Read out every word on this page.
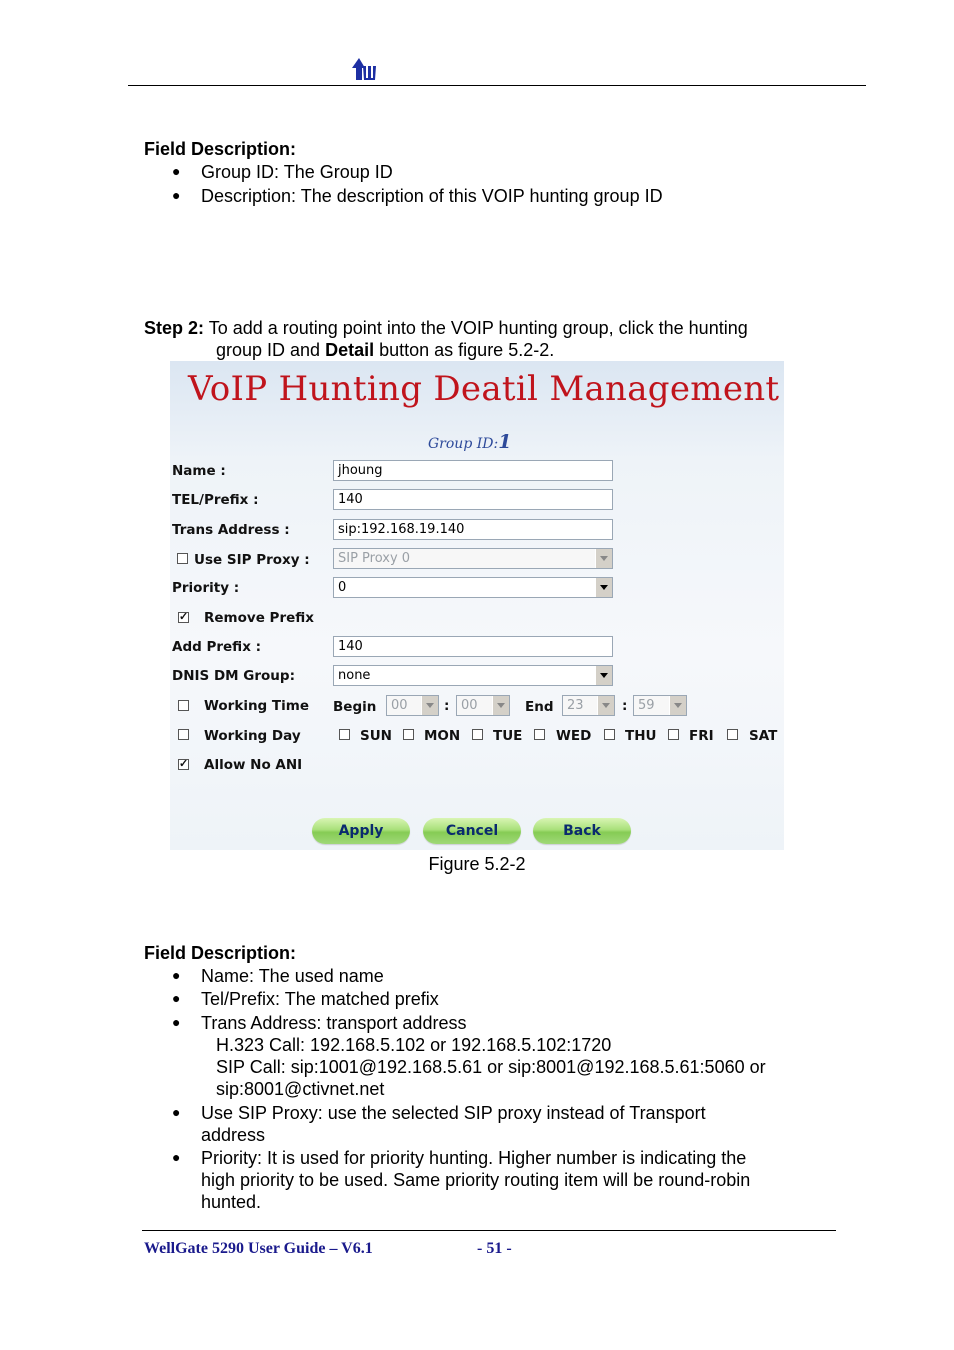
Field Description:
● Group ID: The Group ID
● Description: The description of this VOIP hunting group ID
Step 2: To add a routing point into the VOIP hunting group, click the hunting
group ID and Detail button as figure 5.2-2.
VoIP Hunting Deatil Management
Group ID:1
Name :	jhoung
TEL/Prefix :	140
Trans Address :	sip:192.168.19.140
Use SIP Proxy :	SIP Proxy 0
Priority :	0
✓ Remove Prefix
Add Prefix :	140
DNIS DM Group:	none
Working Time Begin	00	: 00	End	23	: 59
Working Day	SUN MON TUE WED THU FRI	SAT
✓ Allow No ANI
Apply	Cancel	Back
Figure 5.2-2
Field Description:
● Name: The used name
● Tel/Prefix: The matched prefix
● Trans Address: transport address
H.323 Call: 192.168.5.102 or 192.168.5.102:1720
SIP Call: sip:1001@192.168.5.61 or sip:8001@192.168.5.61:5060 or
sip:8001@ctivnet.net
● Use SIP Proxy: use the selected SIP proxy instead of Transport
address
● Priority: It is used for priority hunting. Higher number is indicating the
high priority to be used. Same priority routing item will be round-robin
hunted.
WellGate 5290 User Guide – V6.1	- 51 -
